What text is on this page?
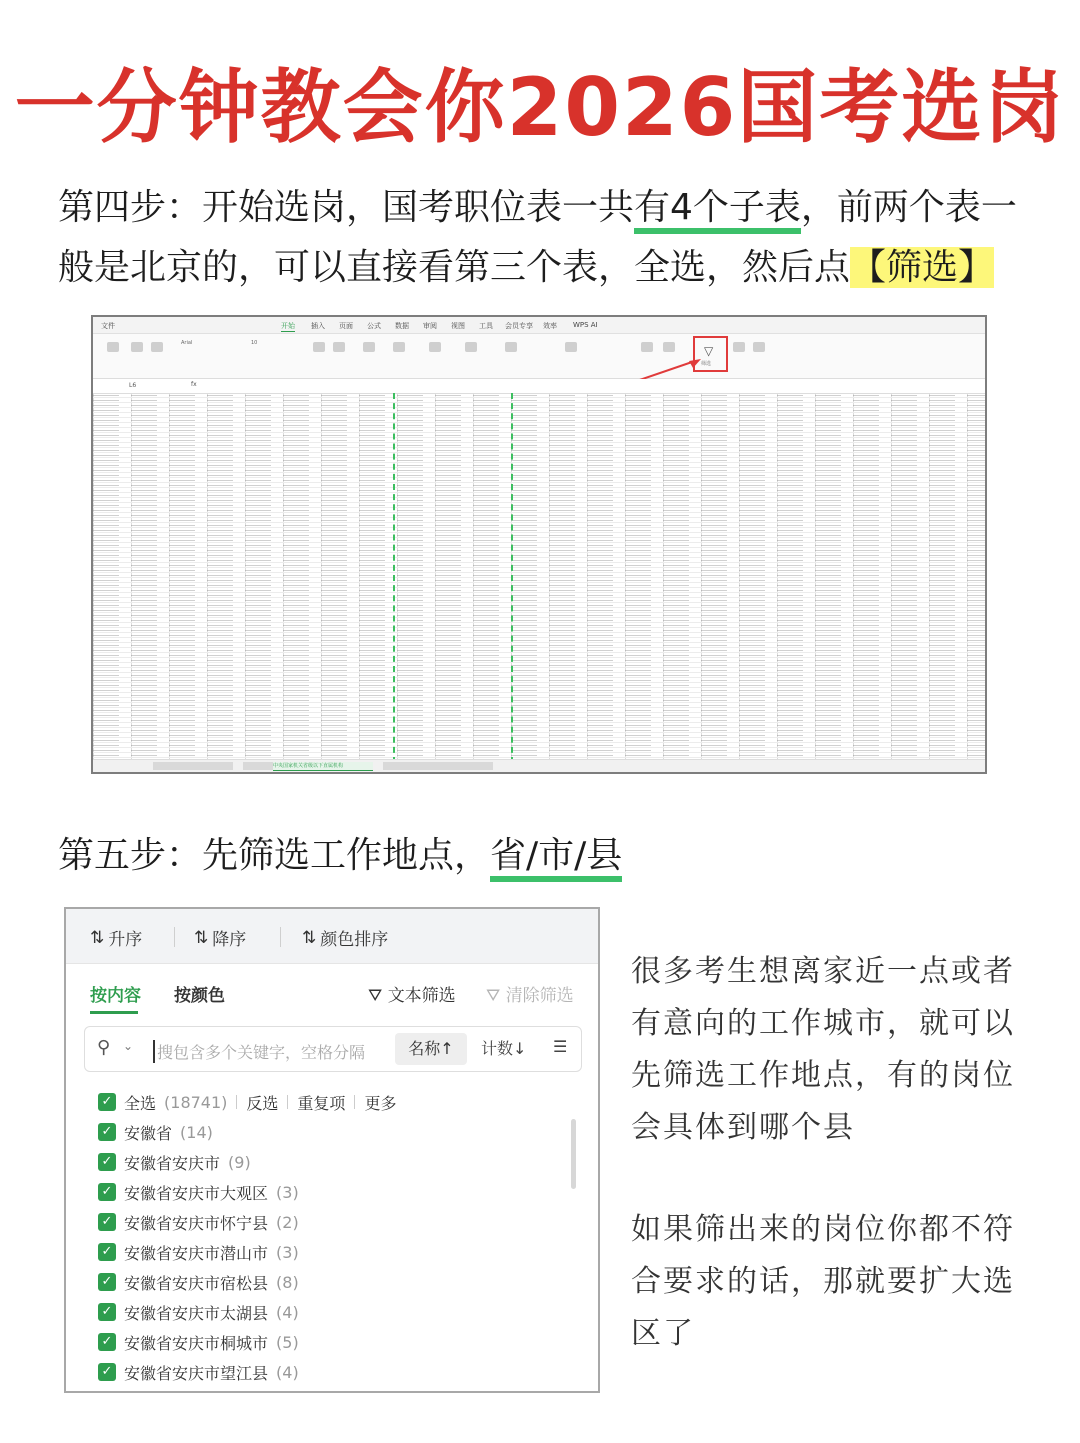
一分钟教会你2026国考选岗
第四步：开始选岗，国考职位表一共有4个子表，前两个表一般是北京的，可以直接看第三个表，全选，然后点【筛选】
文件	开始 插入 页面 公式 数据 审阅 视图 工具 会员专享 效率 WPS AI
Arial	10
▽
筛选
L6	fx
中央国家机关省级以下直属机构
第五步：先筛选工作地点，省/市/县
⇅ 升序	⇅ 降序	⇅ 颜色排序
按内容 按颜色	⛛ 文本筛选 ⛛ 清除筛选
⚲ ⌄ 搜包含多个关键字，空格分隔	名称↑	计数↓ ☰
✓ 全选 (18741) 反选 重复项 更多
✓ 安徽省 (14)
✓ 安徽省安庆市 (9)
✓ 安徽省安庆市大观区 (3)
✓ 安徽省安庆市怀宁县 (2)
✓ 安徽省安庆市潜山市 (3)
✓ 安徽省安庆市宿松县 (8)
✓ 安徽省安庆市太湖县 (4)
✓ 安徽省安庆市桐城市 (5)
✓ 安徽省安庆市望江县 (4)
很多考生想离家近一点或者
有意向的工作城市，就可以
先筛选工作地点，有的岗位
会具体到哪个县
如果筛出来的岗位你都不符
合要求的话，那就要扩大选
区了
